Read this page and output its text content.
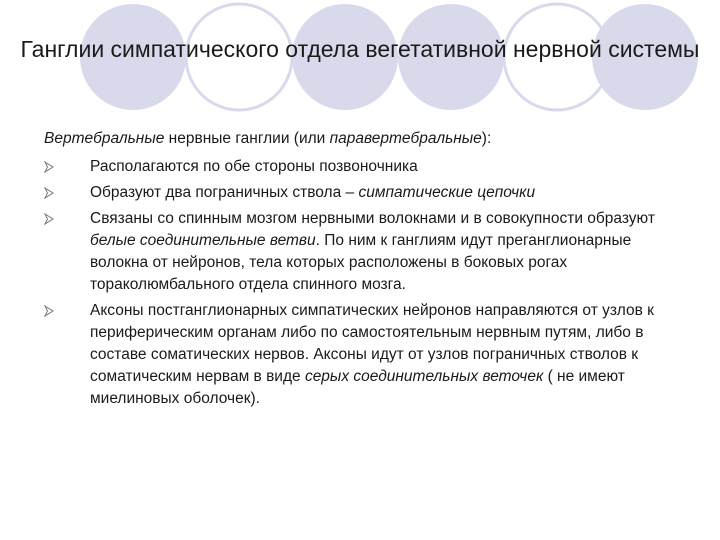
Ганглии симпатического отдела вегетативной нервной системы

Вертебральные нервные ганглии (или паравертебральные):

Располагаются по обе стороны позвоночника
Образуют два пограничных ствола – симпатические цепочки
Связаны со спинным мозгом нервными волокнами и в совокупности образуют белые соединительные ветви. По ним к ганглиям идут преганглионарные волокна от нейронов, тела которых расположены в боковых рогах тораколюмбального отдела спинного мозга.
Аксоны постганглионарных симпатических нейронов направляются от узлов к периферическим органам либо по самостоятельным нервным путям, либо в составе соматических нервов. Аксоны идут от узлов пограничных стволов к соматическим нервам в виде серых соединительных веточек ( не имеют миелиновых оболочек).
